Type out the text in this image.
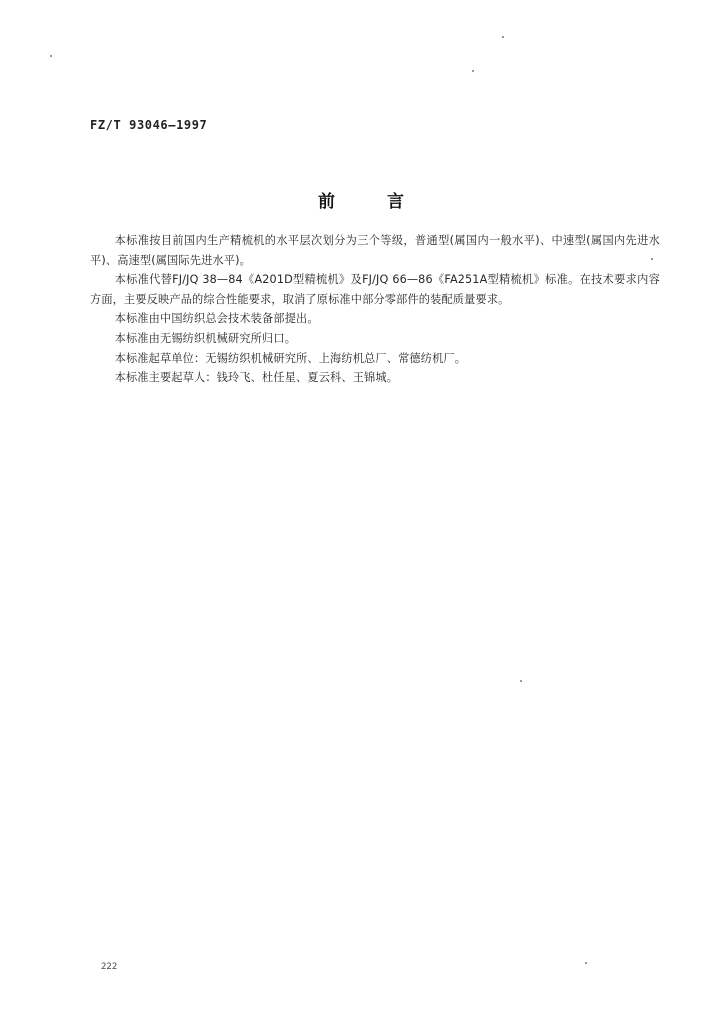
FZ/T 93046—1997
前	言

本标准按目前国内生产精梳机的水平层次划分为三个等级，普通型(属国内一般水平)、中速型(属国内先进水平)、高速型(属国际先进水平)。

本标准代替FJ/JQ 38—84《A201D型精梳机》及FJ/JQ 66—86《FA251A型精梳机》标准。在技术要求内容方面，主要反映产品的综合性能要求，取消了原标准中部分零部件的装配质量要求。

本标准由中国纺织总会技术装备部提出。

本标准由无锡纺织机械研究所归口。

本标准起草单位：无锡纺织机械研究所、上海纺机总厂、常德纺机厂。

本标准主要起草人：钱玲飞、杜任星、夏云科、王锦城。

222
